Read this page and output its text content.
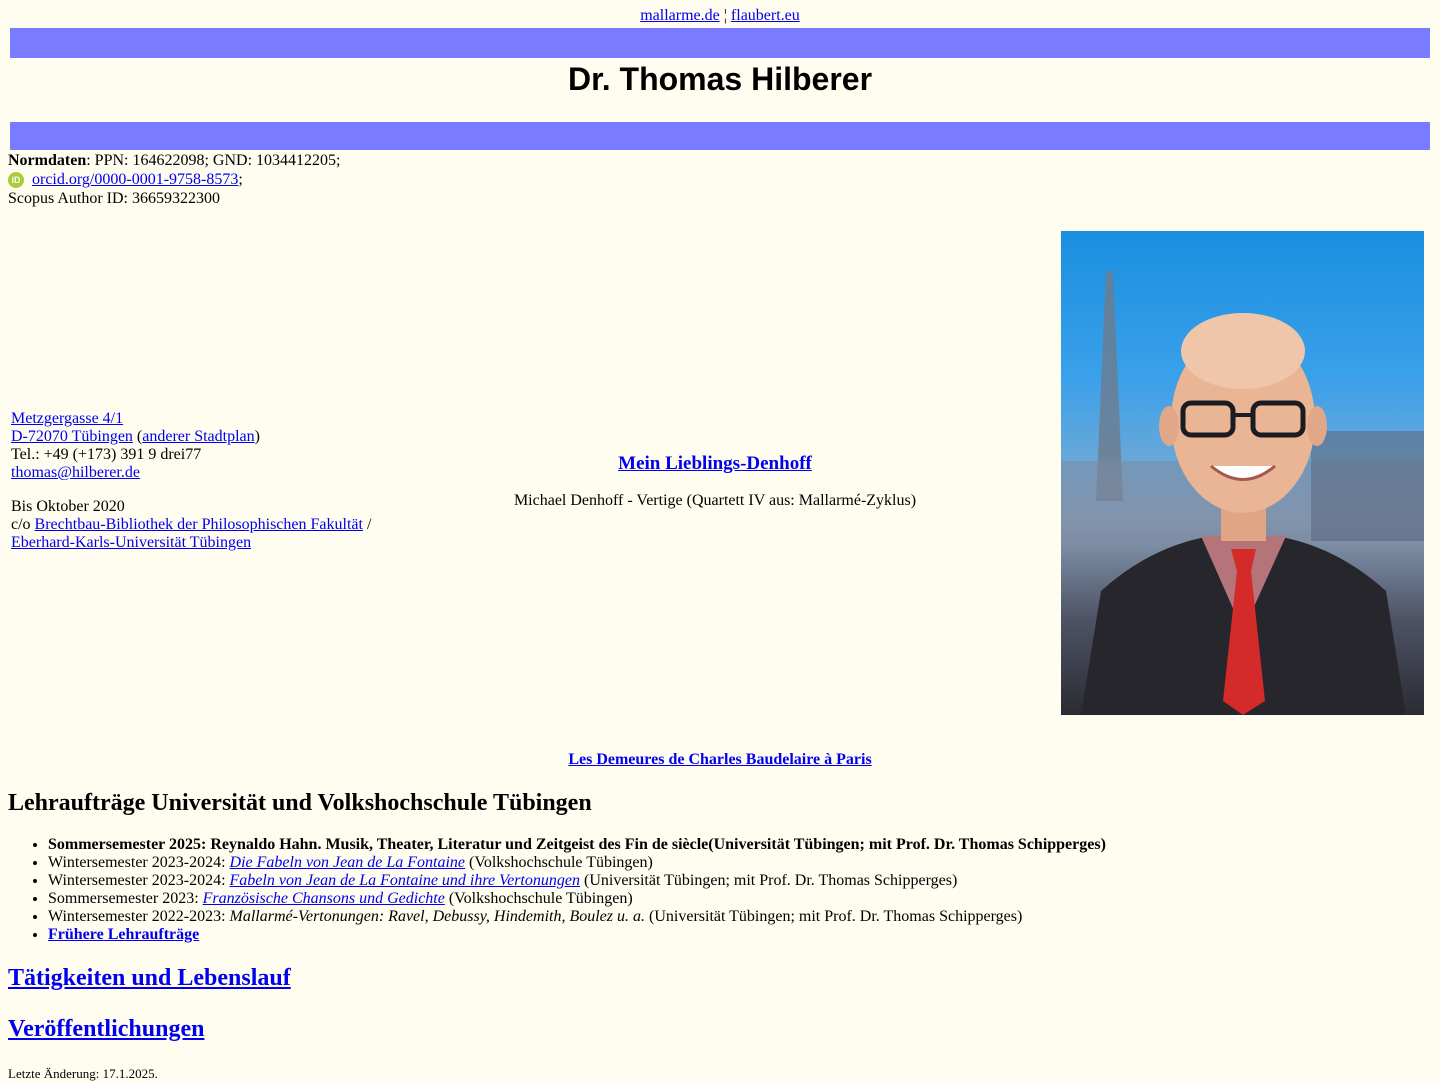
mallarme.de ¦ flaubert.eu
Dr. Thomas Hilberer
Normdaten: PPN: 164622098; GND: 1034412205;
iD orcid.org/0000-0001-9758-8573;
Scopus Author ID: 36659322300
Metzgergasse 4/1
D-72070 Tübingen (anderer Stadtplan)
Tel.: +49 (+173) 391 9 drei77
thomas@hilberer.de
Bis Oktober 2020
c/o Brechtbau-Bibliothek der Philosophischen Fakultät /
Eberhard-Karls-Universität Tübingen
Mein Lieblings-Denhoff
Michael Denhoff - Vertige (Quartett IV aus: Mallarmé-Zyklus)
Les Demeures de Charles Baudelaire à Paris
Lehraufträge Universität und Volkshochschule Tübingen
• Sommersemester 2025: Reynaldo Hahn. Musik, Theater, Literatur und Zeitgeist des Fin de siècle(Universität Tübingen; mit Prof. Dr. Thomas Schipperges)
• Wintersemester 2023-2024: Die Fabeln von Jean de La Fontaine (Volkshochschule Tübingen)
• Wintersemester 2023-2024: Fabeln von Jean de La Fontaine und ihre Vertonungen (Universität Tübingen; mit Prof. Dr. Thomas Schipperges)
• Sommersemester 2023: Französische Chansons und Gedichte (Volkshochschule Tübingen)
• Wintersemester 2022-2023: Mallarmé-Vertonungen: Ravel, Debussy, Hindemith, Boulez u. a. (Universität Tübingen; mit Prof. Dr. Thomas Schipperges)
• Frühere Lehraufträge
Tätigkeiten und Lebenslauf
Veröffentlichungen
Letzte Änderung: 17.1.2025.
